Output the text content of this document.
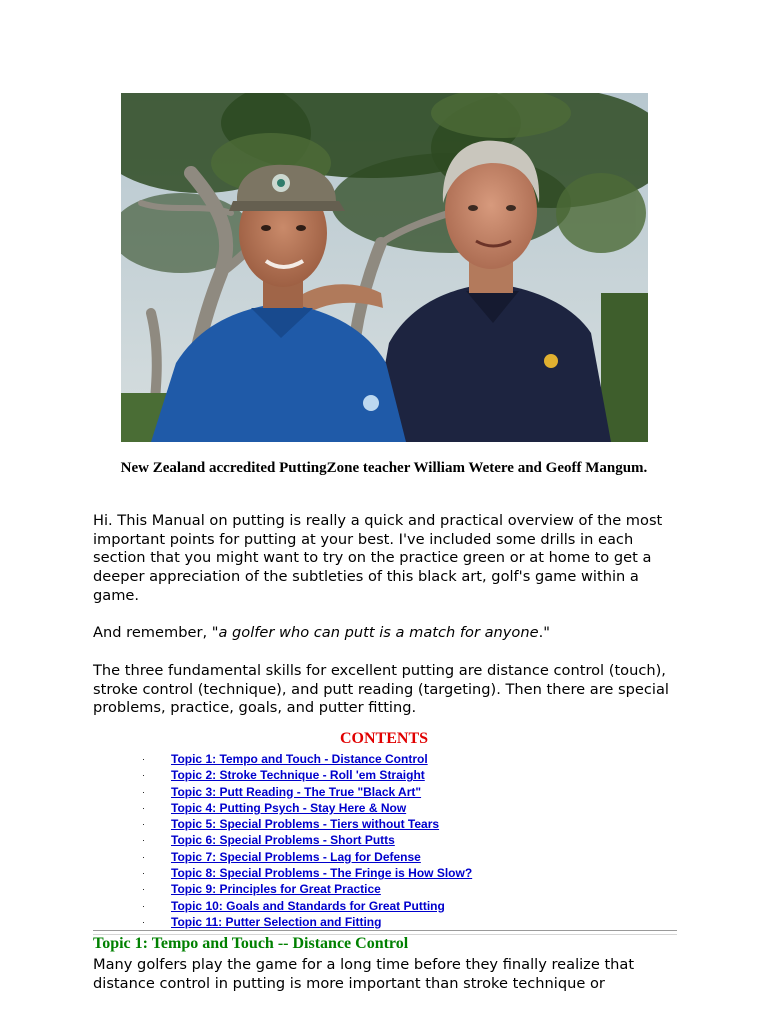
New Zealand accredited PuttingZone teacher William Wetere and Geoff Mangum.

Hi. This Manual on putting is really a quick and practical overview of the most important points for putting at your best. I've included some drills in each section that you might want to try on the practice green or at home to get a deeper appreciation of the subtleties of this black art, golf's game within a game.

And remember, "a golfer who can putt is a match for anyone."

The three fundamental skills for excellent putting are distance control (touch), stroke control (technique), and putt reading (targeting). Then there are special problems, practice, goals, and putter fitting.

CONTENTS
· Topic 1: Tempo and Touch - Distance Control
· Topic 2: Stroke Technique - Roll 'em Straight
· Topic 3: Putt Reading - The True "Black Art"
· Topic 4: Putting Psych - Stay Here & Now
· Topic 5: Special Problems - Tiers without Tears
· Topic 6: Special Problems - Short Putts
· Topic 7: Special Problems - Lag for Defense
· Topic 8: Special Problems - The Fringe is How Slow?
· Topic 9: Principles for Great Practice
· Topic 10: Goals and Standards for Great Putting
· Topic 11: Putter Selection and Fitting
Topic 1: Tempo and Touch -- Distance Control

Many golfers play the game for a long time before they finally realize that distance control in putting is more important than stroke technique or
